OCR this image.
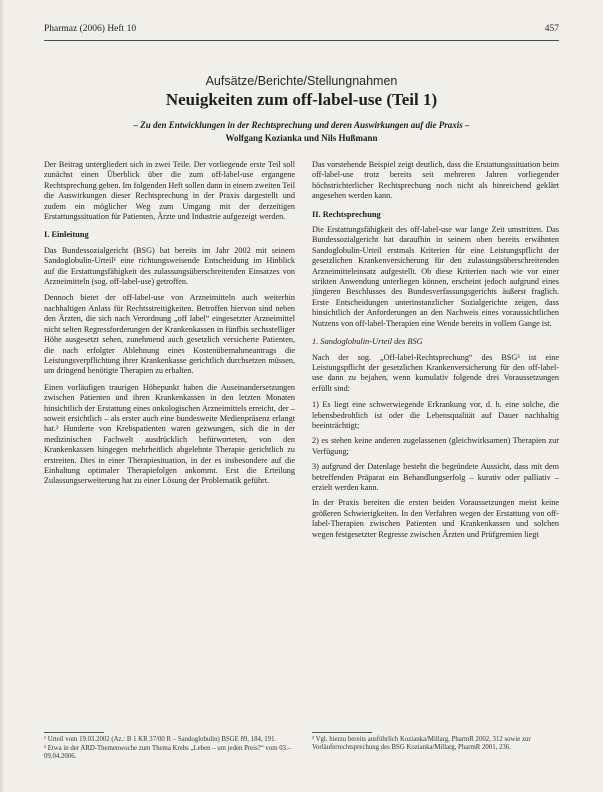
Pharmaz (2006) Heft 10	457
Aufsätze/Berichte/Stellungnahmen
Neuigkeiten zum off-label-use (Teil 1)
– Zu den Entwicklungen in der Rechtsprechung und deren Auswirkungen auf die Praxis –
Wolfgang Kozianka und Nils Hußmann

Der Beitrag untergliedert sich in zwei Teile. Der vorliegende erste Teil soll zunächst einen Überblick über die zum off-label-use ergangene Rechtsprechung geben. Im folgenden Heft sollen dann in einem zweiten Teil die Auswirkungen dieser Rechtsprechung in der Praxis dargestellt und zudem ein möglicher Weg zum Umgang mit der derzeitigen Erstattungssituation für Patienten, Ärzte und Industrie aufgezeigt werden.

I. Einleitung

Das Bundessozialgericht (BSG) hat bereits im Jahr 2002 mit seinem Sandoglobulin-Urteil¹ eine richtungsweisende Entscheidung im Hinblick auf die Erstattungsfähigkeit des zulassungsüberschreitenden Einsatzes von Arzneimitteln (sog. off-label-use) getroffen.

Dennoch bietet der off-label-use von Arzneimitteln auch weiterhin nachhaltigen Anlass für Rechtsstreitigkeiten. Betroffen hiervon sind neben den Ärzten, die sich nach Verordnung „off label“ eingesetzter Arzneimittel nicht selten Regressforderungen der Krankenkassen in fünfbis sechsstelliger Höhe ausgesetzt sehen, zunehmend auch gesetzlich versicherte Patienten, die nach erfolgter Ablehnung eines Kostenübernahmeantrags die Leistungsverpflichtung ihrer Krankenkasse gerichtlich durchsetzen müssen, um dringend benötigte Therapien zu erhalten.

Einen vorläufigen traurigen Höhepunkt haben die Auseinandersetzungen zwischen Patienten und ihren Krankenkassen in den letzten Monaten hinsichtlich der Erstattung eines onkologischen Arzneimittels erreicht, der – soweit ersichtlich – als erster auch eine bundesweite Medienpräsenz erlangt hat.² Hunderte von Krebspatienten waren gezwungen, sich die in der medizinischen Fachwelt ausdrücklich befürworteten, von den Krankenkassen hingegen mehrheitlich abgelehnte Therapie gerichtlich zu erstreiten. Dies in einer Therapiesituation, in der es insbesondere auf die Einhaltung optimaler Therapiefolgen ankommt. Erst die Erteilung Zulassungserweiterung hat zu einer Lösung der Problematik geführt.

Das vorstehende Beispiel zeigt deutlich, dass die Erstattungssituation beim off-label-use trotz bereits seit mehreren Jahren vorliegender höchstrichterlicher Rechtsprechung noch nicht als hinreichend geklärt angesehen werden kann.

II. Rechtsprechung

Die Erstattungsfähigkeit des off-label-use war lange Zeit umstritten. Das Bundessozialgericht hat daraufhin in seinem oben bereits erwähnten Sandoglobulin-Urteil erstmals Kriterien für eine Leistungspflicht der gesetzlichen Krankenversicherung für den zulassungsüberschreitenden Arzneimitteleinsatz aufgestellt. Ob diese Kriterien nach wie vor einer strikten Anwendung unterliegen können, erscheint jedoch aufgrund eines jüngeren Beschlusses des Bundesverfassungsgerichts äußerst fraglich. Erste Entscheidungen unterinstanzlicher Sozialgerichte zeigen, dass hinsichtlich der Anforderungen an den Nachweis eines voraussichtlichen Nutzens von off-label-Therapien eine Wende bereits in vollem Gange ist.

1. Sandoglobulin-Urteil des BSG

Nach der sog. „Off-label-Rechtsprechung“ des BSG³ ist eine Leistungspflicht der gesetzlichen Krankenversicherung für den off-label-use dann zu bejahen, wenn kumulativ folgende drei Voraussetzungen erfüllt sind:

1) Es liegt eine schwerwiegende Erkrankung vor, d. h. eine solche, die lebensbedrohlich ist oder die Lebensqualität auf Dauer nachhaltig beeinträchtigt;

2) es stehen keine anderen zugelassenen (gleichwirksamen) Therapien zur Verfügung;

3) aufgrund der Datenlage besteht die begründete Aussicht, dass mit dem betreffenden Präparat ein Behandlungserfolg – kurativ oder palliativ – erzielt werden kann.

In der Praxis bereiten die ersten beiden Voraussetzungen meist keine größeren Schwierigkeiten. In den Verfahren wegen der Erstattung von off-label-Therapien zwischen Patienten und Krankenkassen und solchen wegen festgesetzter Regresse zwischen Ärzten und Prüfgremien liegt

¹ Urteil vom 19.03.2002 (Az.: B 1 KR 37/00 R – Sandoglobulin) BSGE 89, 184, 191.

² Etwa in der ARD-Themenwoche zum Thema Krebs „Leben – um jeden Preis?“ vom 03.–09.04.2006.

³ Vgl. hierzu bereits ausführlich Kozianka/Millarg, PharmR 2002, 312 sowie zur Vorläuferrechtsprechung des BSG Kozianka/Millarg, PharmR 2001, 236.
